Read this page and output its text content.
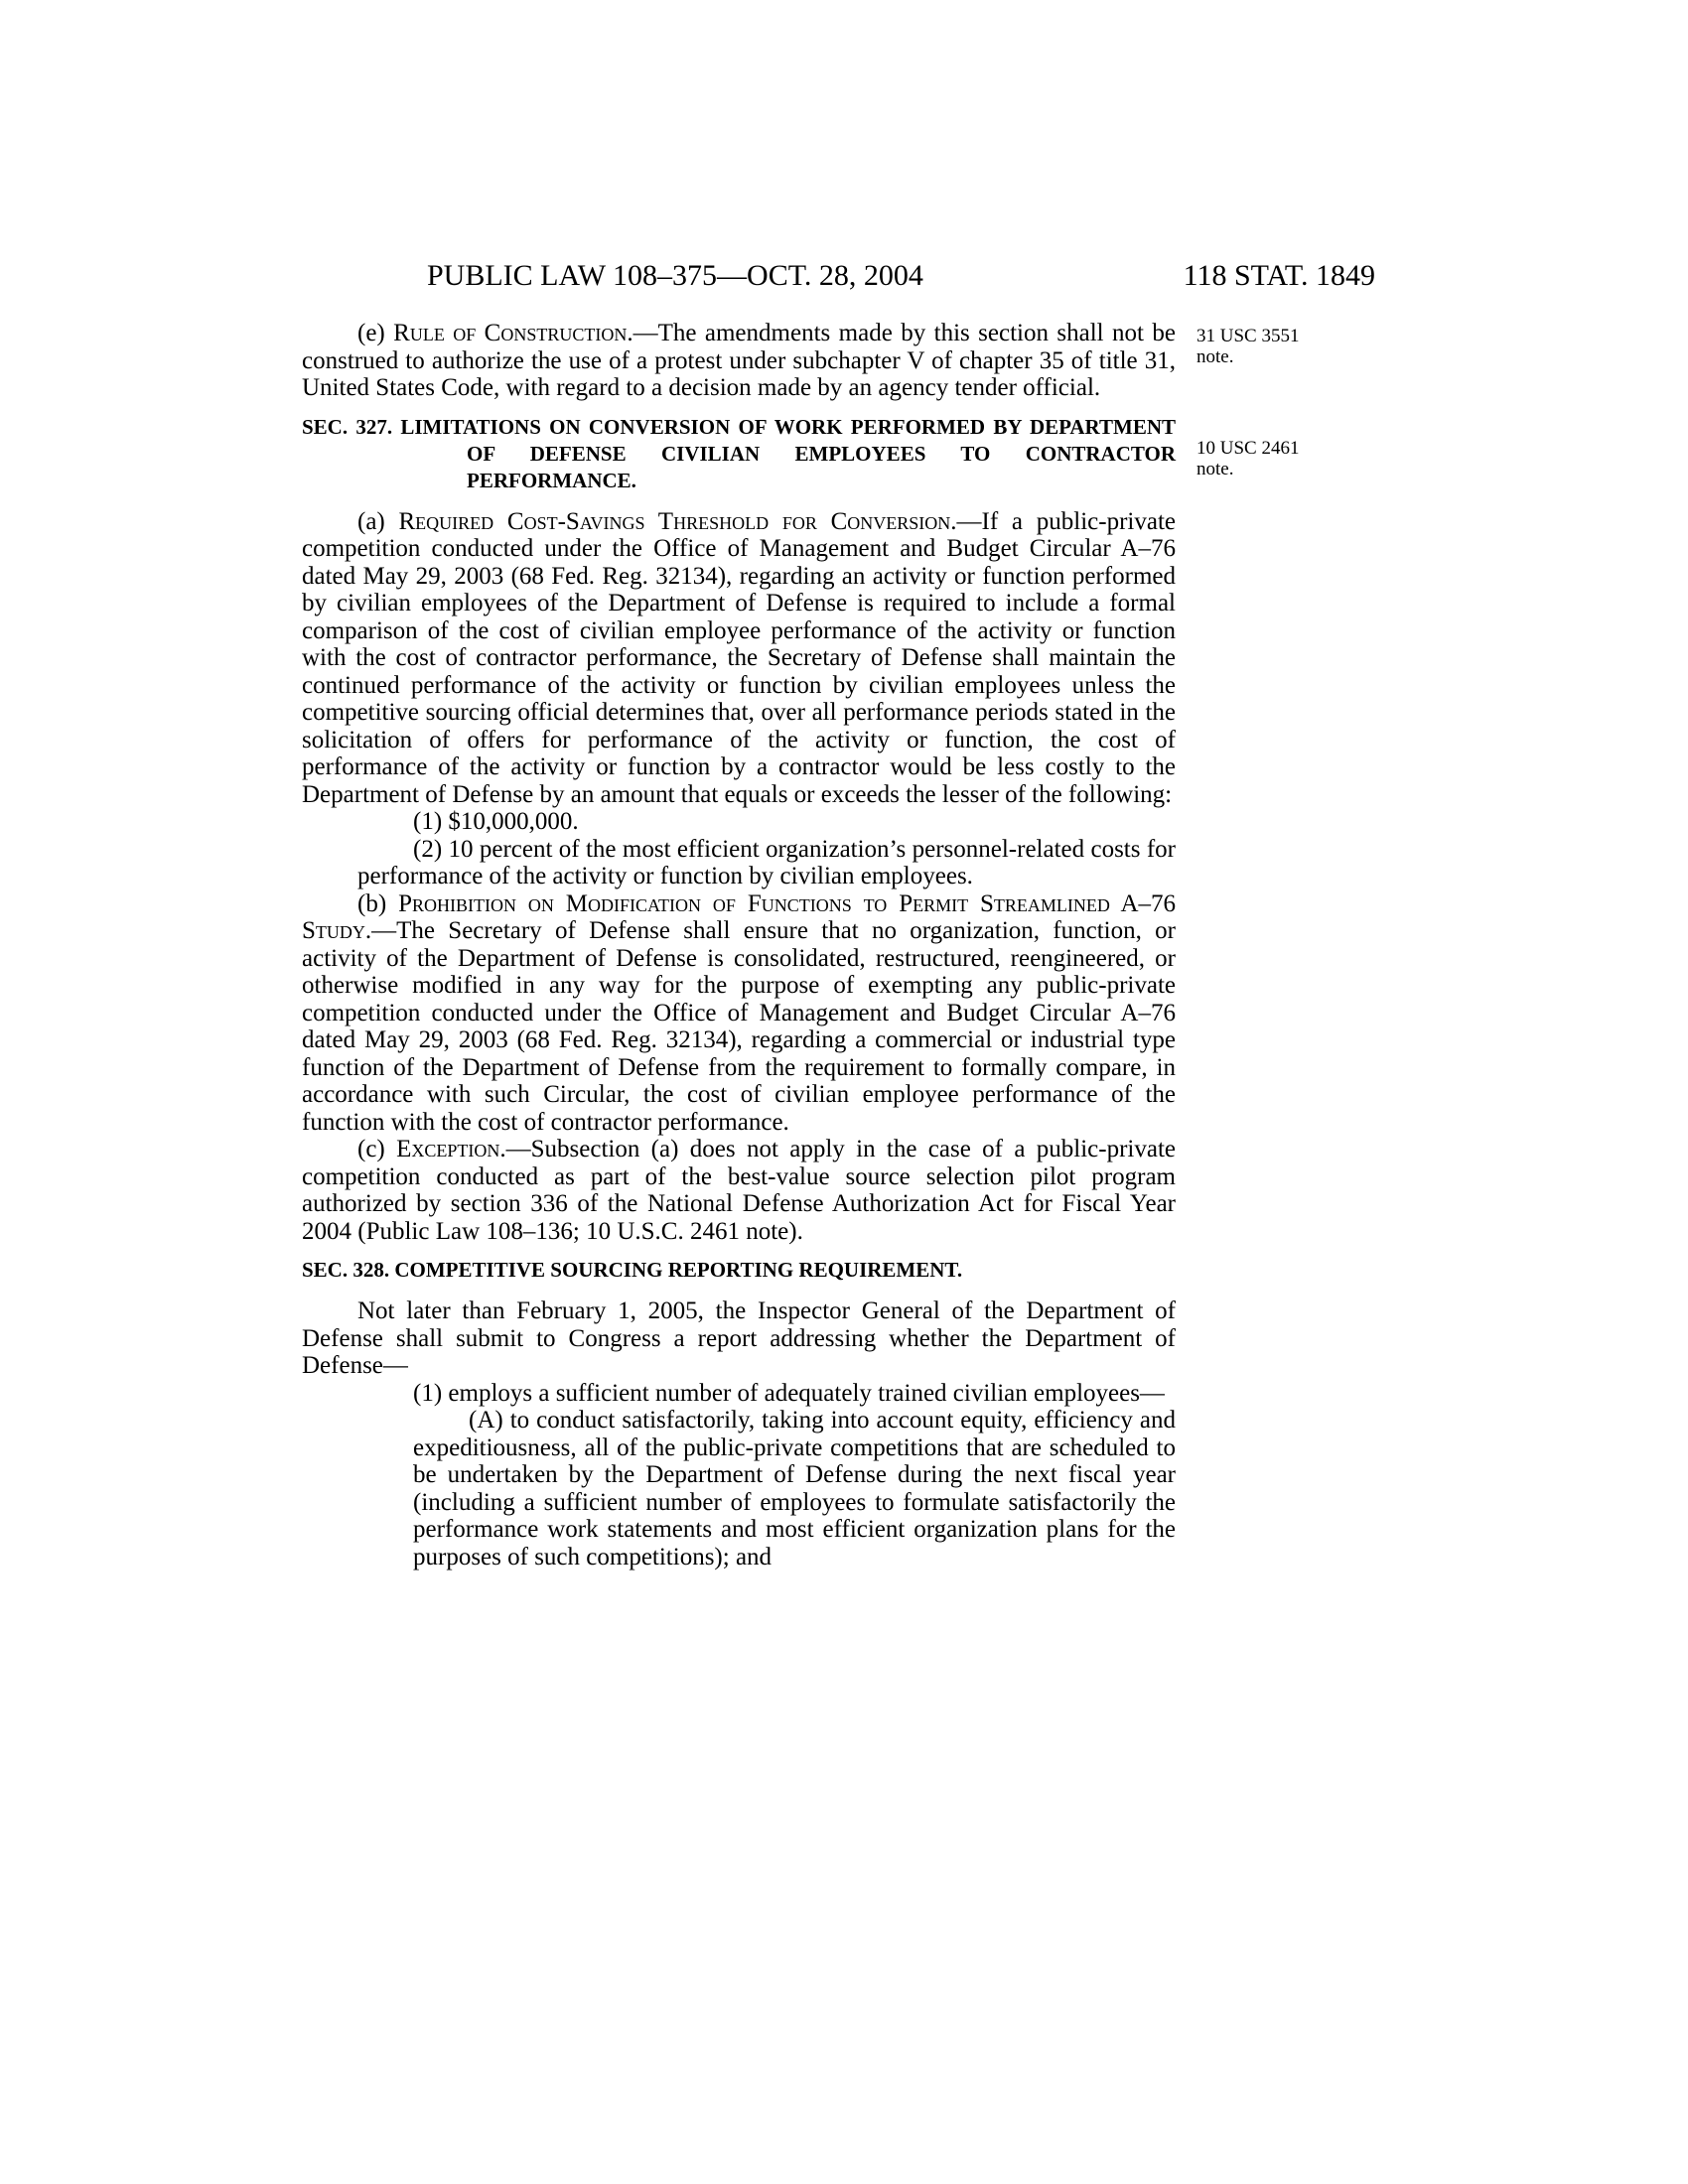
PUBLIC LAW 108–375—OCT. 28, 2004	118 STAT. 1849
31 USC 3551
note.
10 USC 2461
note.

(e) Rule of Construction.—The amendments made by this section shall not be construed to authorize the use of a protest under subchapter V of chapter 35 of title 31, United States Code, with regard to a decision made by an agency tender official.

SEC. 327. LIMITATIONS ON CONVERSION OF WORK PERFORMED BY DEPARTMENT OF DEFENSE CIVILIAN EMPLOYEES TO CONTRACTOR PERFORMANCE.

(a) Required Cost-Savings Threshold for Conversion.—If a public-private competition conducted under the Office of Management and Budget Circular A–76 dated May 29, 2003 (68 Fed. Reg. 32134), regarding an activity or function performed by civilian employees of the Department of Defense is required to include a formal comparison of the cost of civilian employee performance of the activity or function with the cost of contractor performance, the Secretary of Defense shall maintain the continued performance of the activity or function by civilian employees unless the competitive sourcing official determines that, over all performance periods stated in the solicitation of offers for performance of the activity or function, the cost of performance of the activity or function by a contractor would be less costly to the Department of Defense by an amount that equals or exceeds the lesser of the following:

(1) $10,000,000.

(2) 10 percent of the most efficient organization’s personnel-related costs for performance of the activity or function by civilian employees.

(b) Prohibition on Modification of Functions to Permit Streamlined A–76 Study.—The Secretary of Defense shall ensure that no organization, function, or activity of the Department of Defense is consolidated, restructured, reengineered, or otherwise modified in any way for the purpose of exempting any public-private competition conducted under the Office of Management and Budget Circular A–76 dated May 29, 2003 (68 Fed. Reg. 32134), regarding a commercial or industrial type function of the Department of Defense from the requirement to formally compare, in accordance with such Circular, the cost of civilian employee performance of the function with the cost of contractor performance.

(c) Exception.—Subsection (a) does not apply in the case of a public-private competition conducted as part of the best-value source selection pilot program authorized by section 336 of the National Defense Authorization Act for Fiscal Year 2004 (Public Law 108–136; 10 U.S.C. 2461 note).

SEC. 328. COMPETITIVE SOURCING REPORTING REQUIREMENT.

Not later than February 1, 2005, the Inspector General of the Department of Defense shall submit to Congress a report addressing whether the Department of Defense—

(1) employs a sufficient number of adequately trained civilian employees—

(A) to conduct satisfactorily, taking into account equity, efficiency and expeditiousness, all of the public-private competitions that are scheduled to be undertaken by the Department of Defense during the next fiscal year (including a sufficient number of employees to formulate satisfactorily the performance work statements and most efficient organization plans for the purposes of such competitions); and
